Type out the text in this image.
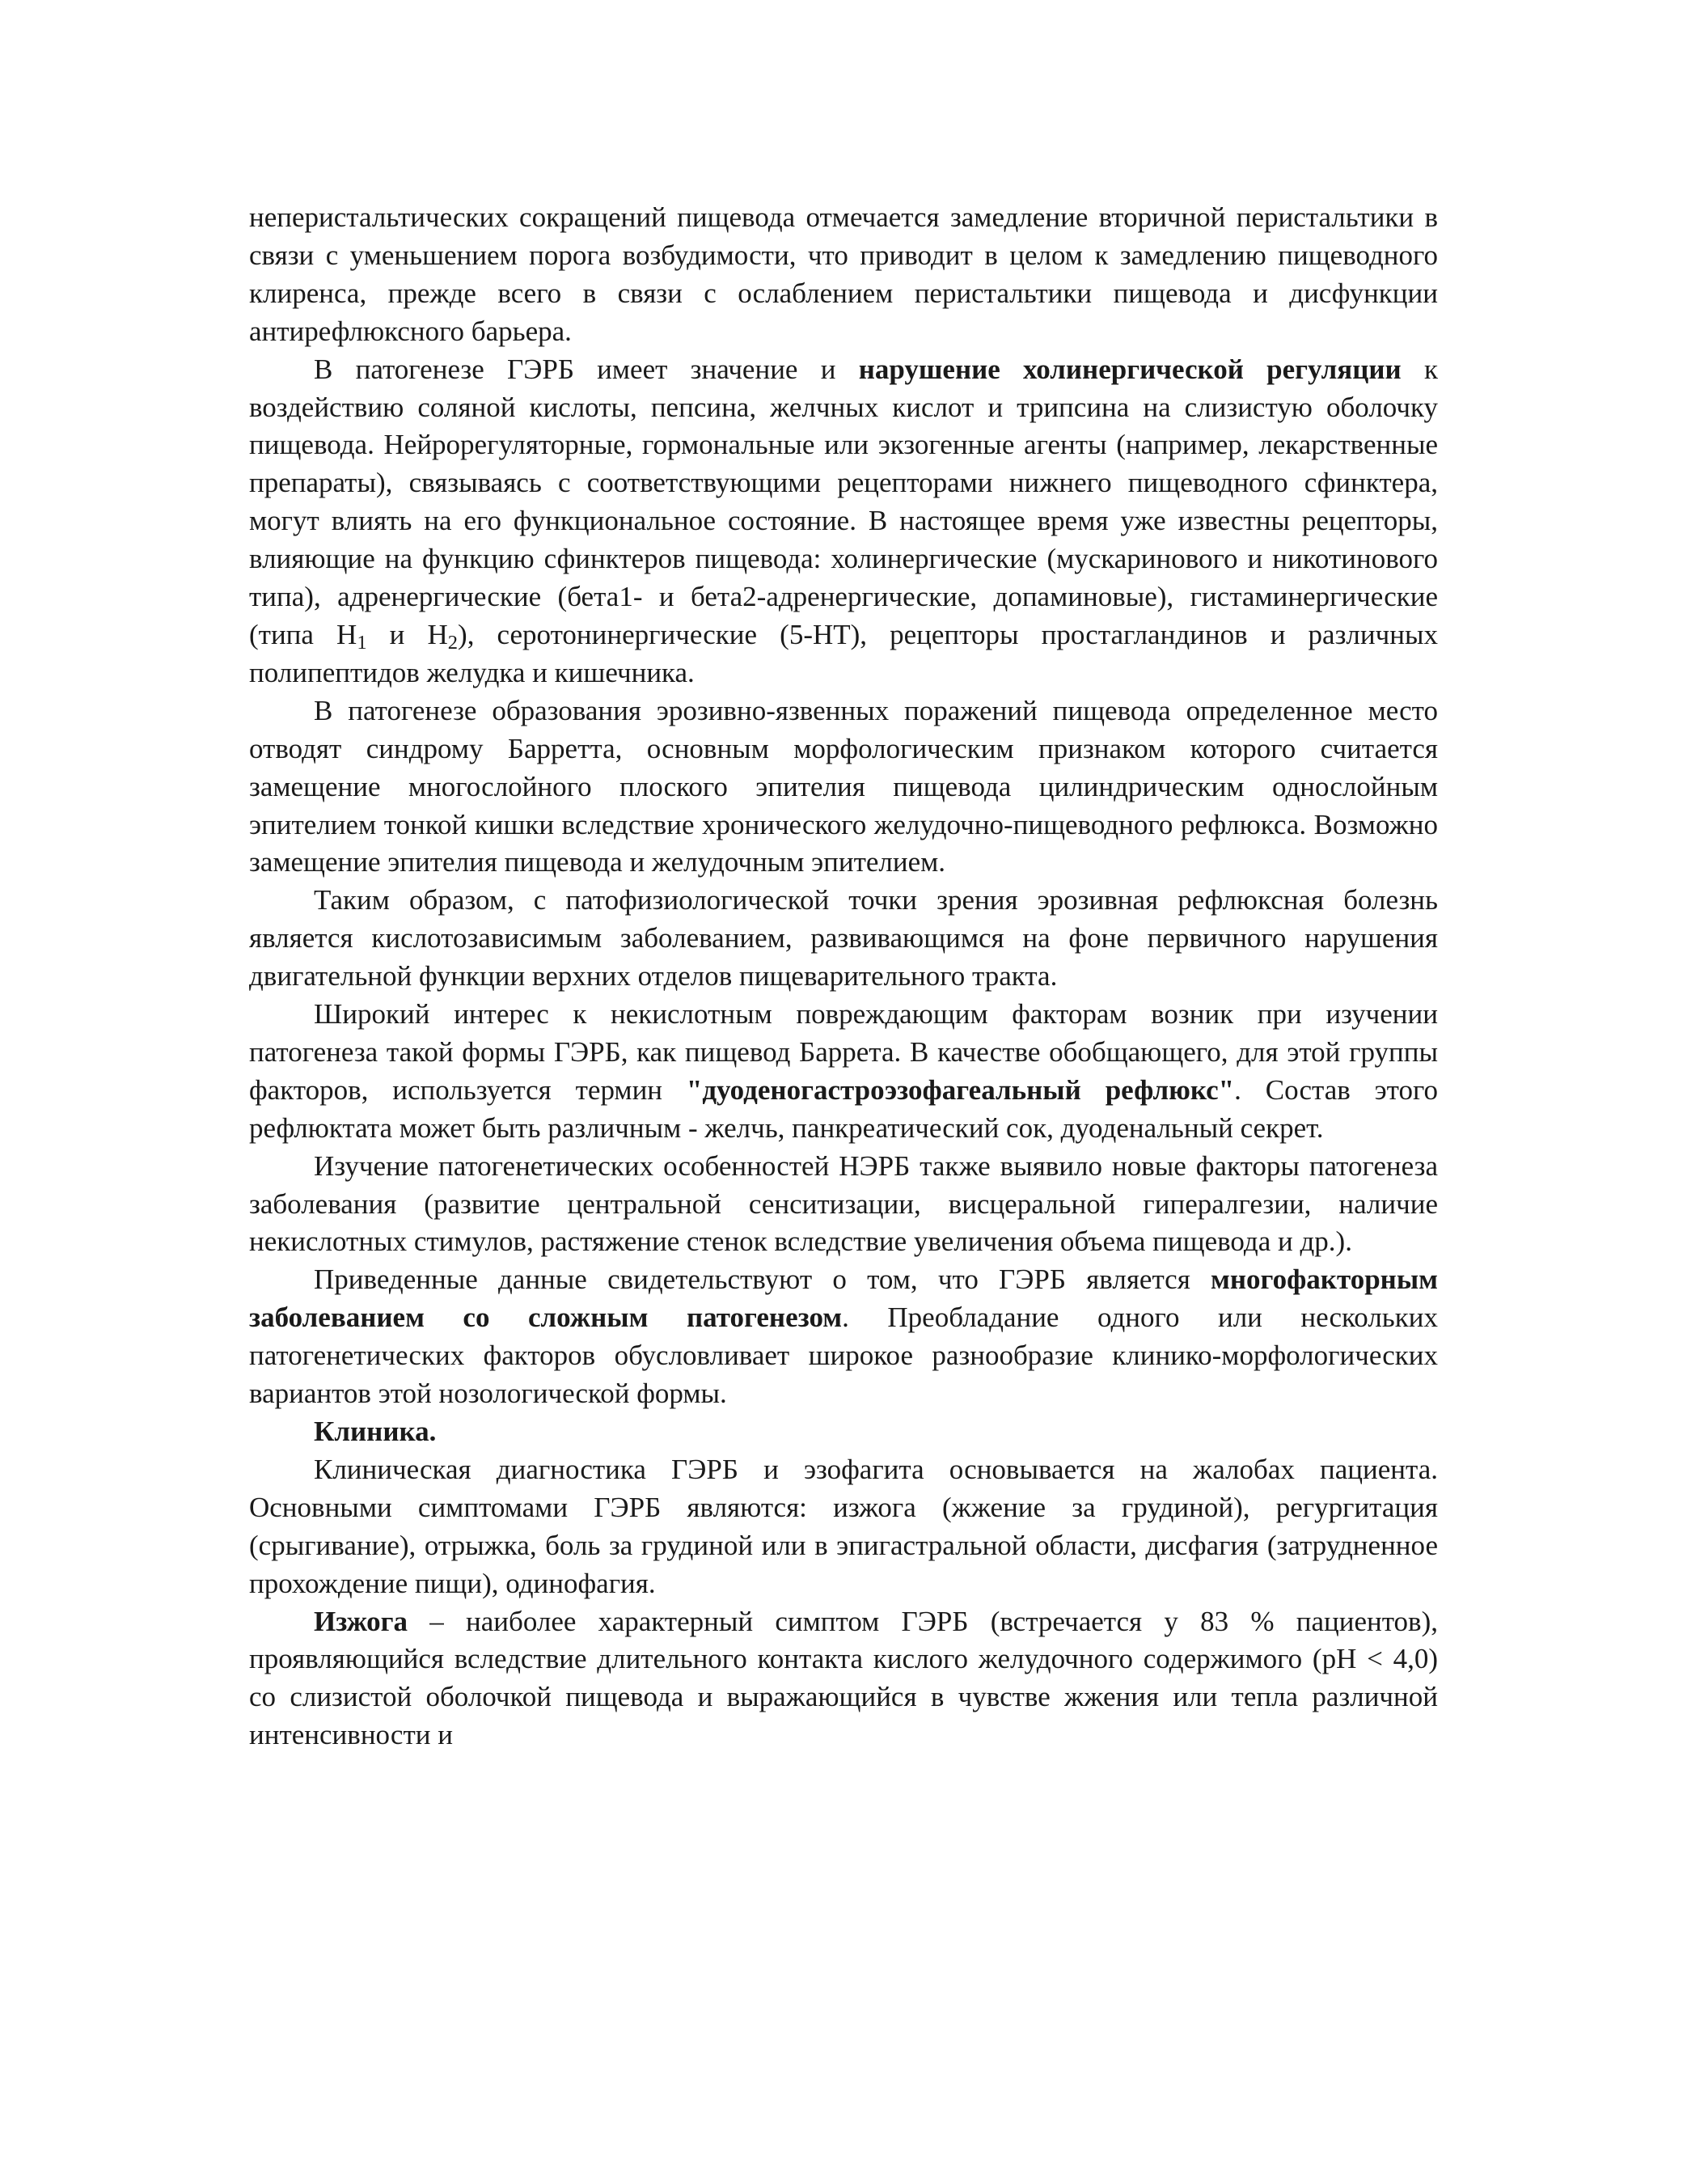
неперистальтических сокращений пищевода отмечается замедление вторичной перистальтики в связи с уменьшением порога возбудимости, что приводит в целом к замедлению пищеводного клиренса, прежде всего в связи с ослаблением перистальтики пищевода и дисфункции антирефлюксного барьера.

В патогенезе ГЭРБ имеет значение и нарушение холинергической регуляции к воздействию соляной кислоты, пепсина, желчных кислот и трипсина на слизистую оболочку пищевода. Нейрорегуляторные, гормональные или экзогенные агенты (например, лекарственные препараты), связываясь с соответствующими рецепторами нижнего пищеводного сфинктера, могут влиять на его функциональное состояние. В настоящее время уже известны рецепторы, влияющие на функцию сфинктеров пищевода: холинергические (мускаринового и никотинового типа), адренергические (бета1- и бета2-адренергические, допаминовые), гистаминергические (типа $Н_1$ и $Н_2$), серотонинергические (5-НТ), рецепторы простагландинов и различных полипептидов желудка и кишечника.

В патогенезе образования эрозивно-язвенных поражений пищевода определенное место отводят синдрому Барретта, основным морфологическим признаком которого считается замещение многослойного плоского эпителия пищевода цилиндрическим однослойным эпителием тонкой кишки вследствие хронического желудочно-пищеводного рефлюкса. Возможно замещение эпителия пищевода и желудочным эпителием.

Таким образом, с патофизиологической точки зрения эрозивная рефлюксная болезнь является кислотозависимым заболеванием, развивающимся на фоне первичного нарушения двигательной функции верхних отделов пищеварительного тракта.

Широкий интерес к некислотным повреждающим факторам возник при изучении патогенеза такой формы ГЭРБ, как пищевод Баррета. В качестве обобщающего, для этой группы факторов, используется термин "дуоденогастроэзофагеальный рефлюкс". Состав этого рефлюктата может быть различным - желчь, панкреатический сок, дуоденальный секрет.

Изучение патогенетических особенностей НЭРБ также выявило новые факторы патогенеза заболевания (развитие центральной сенситизации, висцеральной гипералгезии, наличие некислотных стимулов, растяжение стенок вследствие увеличения объема пищевода и др.).

Приведенные данные свидетельствуют о том, что ГЭРБ является многофакторным заболеванием со сложным патогенезом. Преобладание одного или нескольких патогенетических факторов обусловливает широкое разнообразие клинико-морфологических вариантов этой нозологической формы.

Клиника.

Клиническая диагностика ГЭРБ и эзофагита основывается на жалобах пациента. Основными симптомами ГЭРБ являются: изжога (жжение за грудиной), регургитация (срыгивание), отрыжка, боль за грудиной или в эпигастральной области, дисфагия (затрудненное прохождение пищи), одинофагия.

Изжога – наиболее характерный симптом ГЭРБ (встречается у 83 % пациентов), проявляющийся вследствие длительного контакта кислого желудочного содержимого (рН < 4,0) со слизистой оболочкой пищевода и выражающийся в чувстве жжения или тепла различной интенсивности и
